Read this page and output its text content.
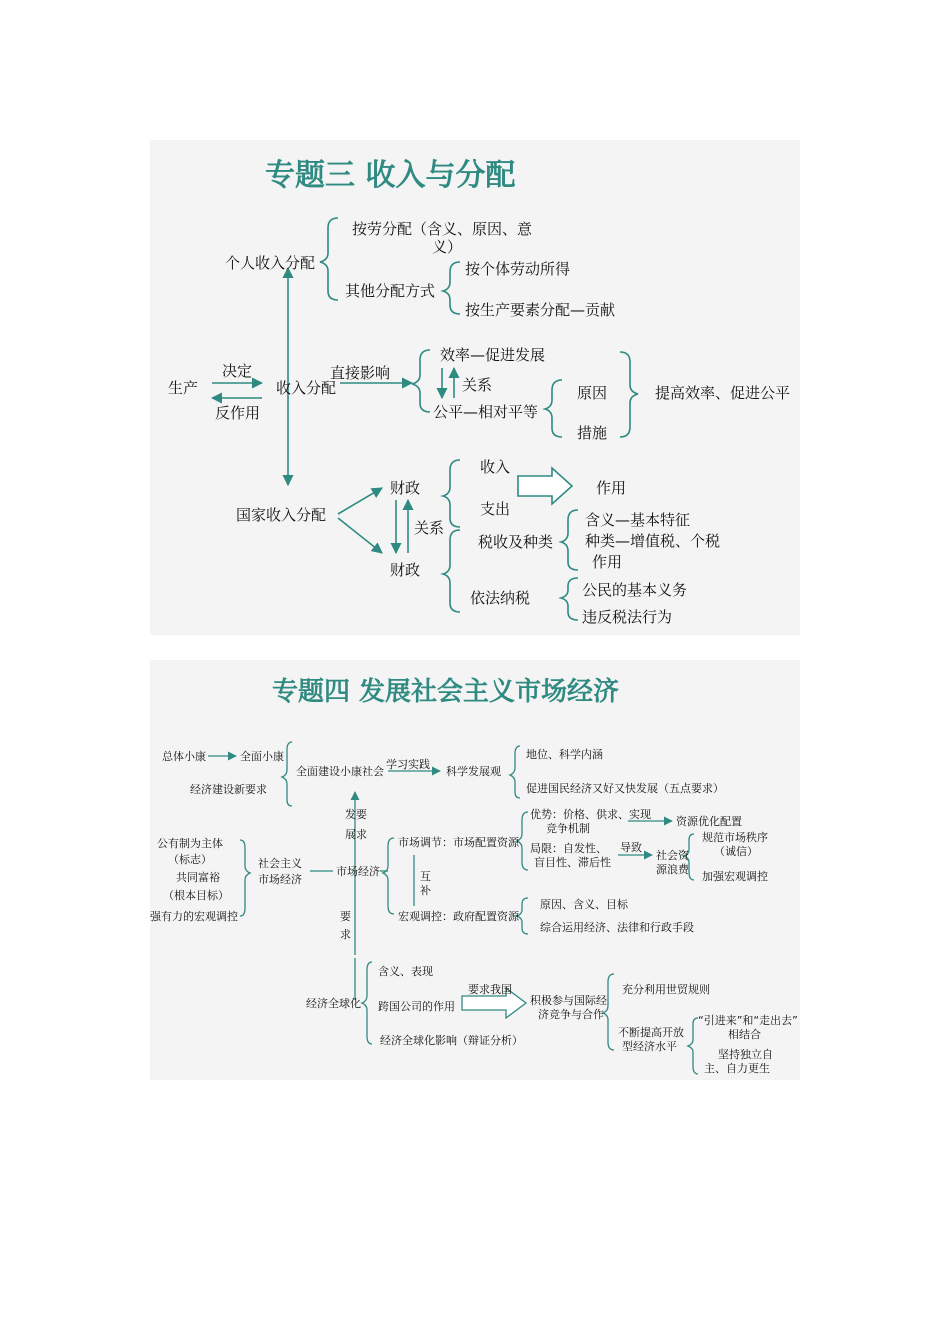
专题三 收入与分配
个人收入分配
按劳分配（含义、原因、意
义）
其他分配方式
按个体劳动所得
按生产要素分配—贡献
生产
决定
反作用
收入分配
直接影响
效率—促进发展
关系
公平—相对平等
原因
措施
提高效率、促进公平
国家收入分配
财政
财政
关系
收入
支出
作用
税收及种类
含义—基本特征
种类—增值税、个税
作用
依法纳税	公民的基本义务
违反税法行为
专题四 发展社会主义市场经济
总体小康	全面小康
经济建设新要求
全面建设小康社会
学习实践
科学发展观
地位、科学内涵
促进国民经济又好又快发展（五点要求）
发要
展求
公有制为主体
（标志）
共同富裕
（根本目标）
强有力的宏观调控
社会主义
市场经济
市场经济
市场调节：市场配置资源
互
补
宏观调控：政府配置资源
优势：价格、供求、实现
竞争机制
资源优化配置
局限：自发性、
盲目性、滞后性
导致
社会资
源浪费
规范市场秩序
（诚信）
加强宏观调控
原因、含义、目标
综合运用经济、法律和行政手段
要
求
经济全球化
含义、表现
跨国公司的作用
经济全球化影响（辩证分析）
要求我国
积极参与国际经
济竞争与合作
充分利用世贸规则
不断提高开放
型经济水平
“引进来”和“走出去”
相结合
坚持独立自
主、自力更生
